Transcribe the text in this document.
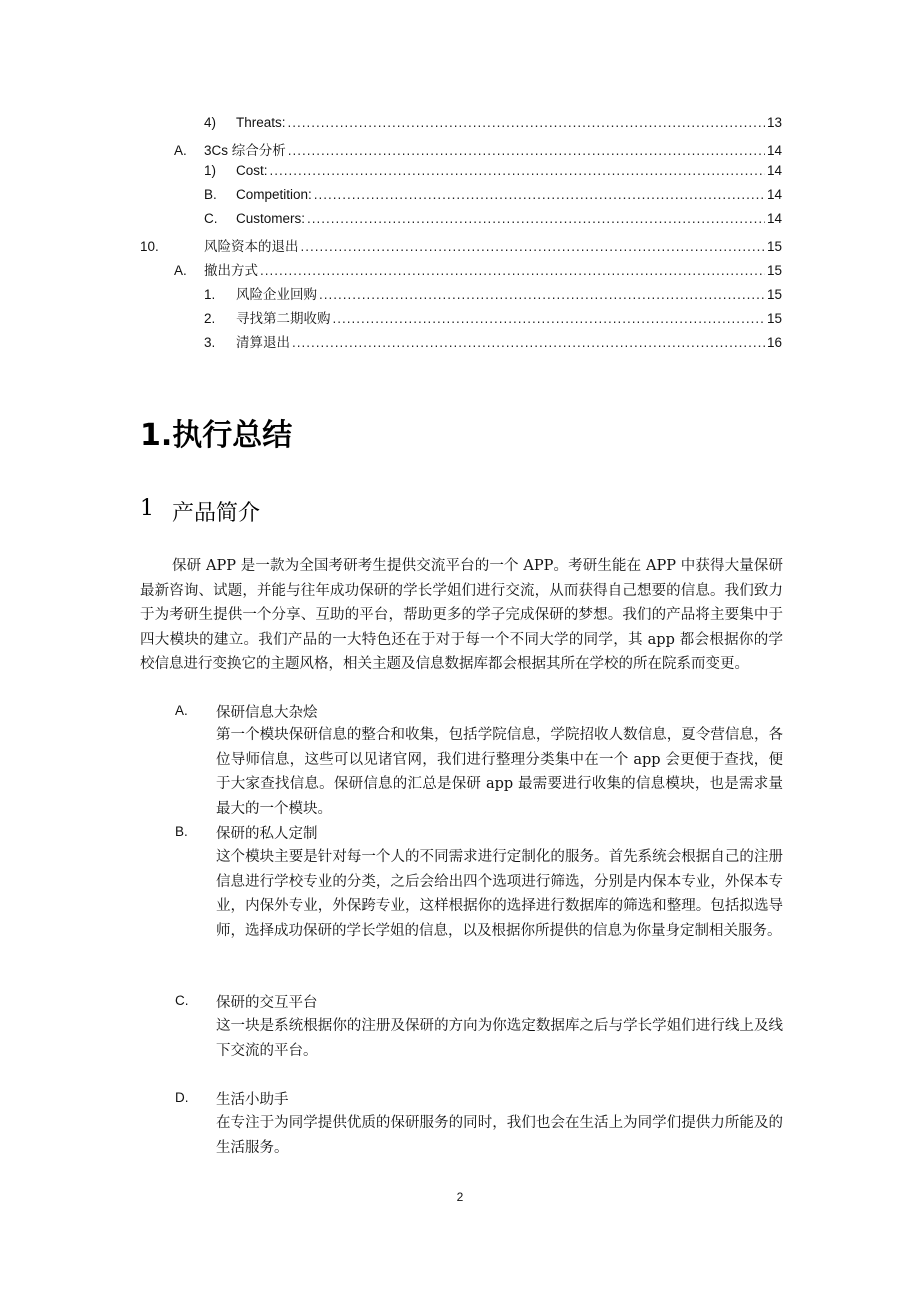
4)	Threats: .....	13
A.	3Cs 综合分析 .....	14
1)	Cost: .....	14
B.	Competition: .....	14
C.	Customers: .....	14
10.	风险资本的退出 .....	15
A.	撤出方式 .....	15
1.	风险企业回购 .....	15
2.	寻找第二期收购 .....	15
3.	清算退出 .....	16
1.执行总结
1 产品简介
保研 APP 是一款为全国考研考生提供交流平台的一个 APP。考研生能在 APP 中获得大量保研最新咨询、试题，并能与往年成功保研的学长学姐们进行交流，从而获得自己想要的信息。我们致力于为考研生提供一个分享、互助的平台，帮助更多的学子完成保研的梦想。我们的产品将主要集中于四大模块的建立。我们产品的一大特色还在于对于每一个不同大学的同学，其 app 都会根据你的学校信息进行变换它的主题风格，相关主题及信息数据库都会根据其所在学校的所在院系而变更。
A. 保研信息大杂烩
第一个模块保研信息的整合和收集，包括学院信息，学院招收人数信息，夏令营信息，各位导师信息，这些可以见诸官网，我们进行整理分类集中在一个 app 会更便于查找，便于大家查找信息。保研信息的汇总是保研 app 最需要进行收集的信息模块，也是需求量最大的一个模块。
B. 保研的私人定制
这个模块主要是针对每一个人的不同需求进行定制化的服务。首先系统会根据自己的注册信息进行学校专业的分类，之后会给出四个选项进行筛选，分别是内保本专业，外保本专业，内保外专业，外保跨专业，这样根据你的选择进行数据库的筛选和整理。包括拟选导师，选择成功保研的学长学姐的信息，以及根据你所提供的信息为你量身定制相关服务。
C. 保研的交互平台
这一块是系统根据你的注册及保研的方向为你选定数据库之后与学长学姐们进行线上及线下交流的平台。
D. 生活小助手
在专注于为同学提供优质的保研服务的同时，我们也会在生活上为同学们提供力所能及的生活服务。
2
